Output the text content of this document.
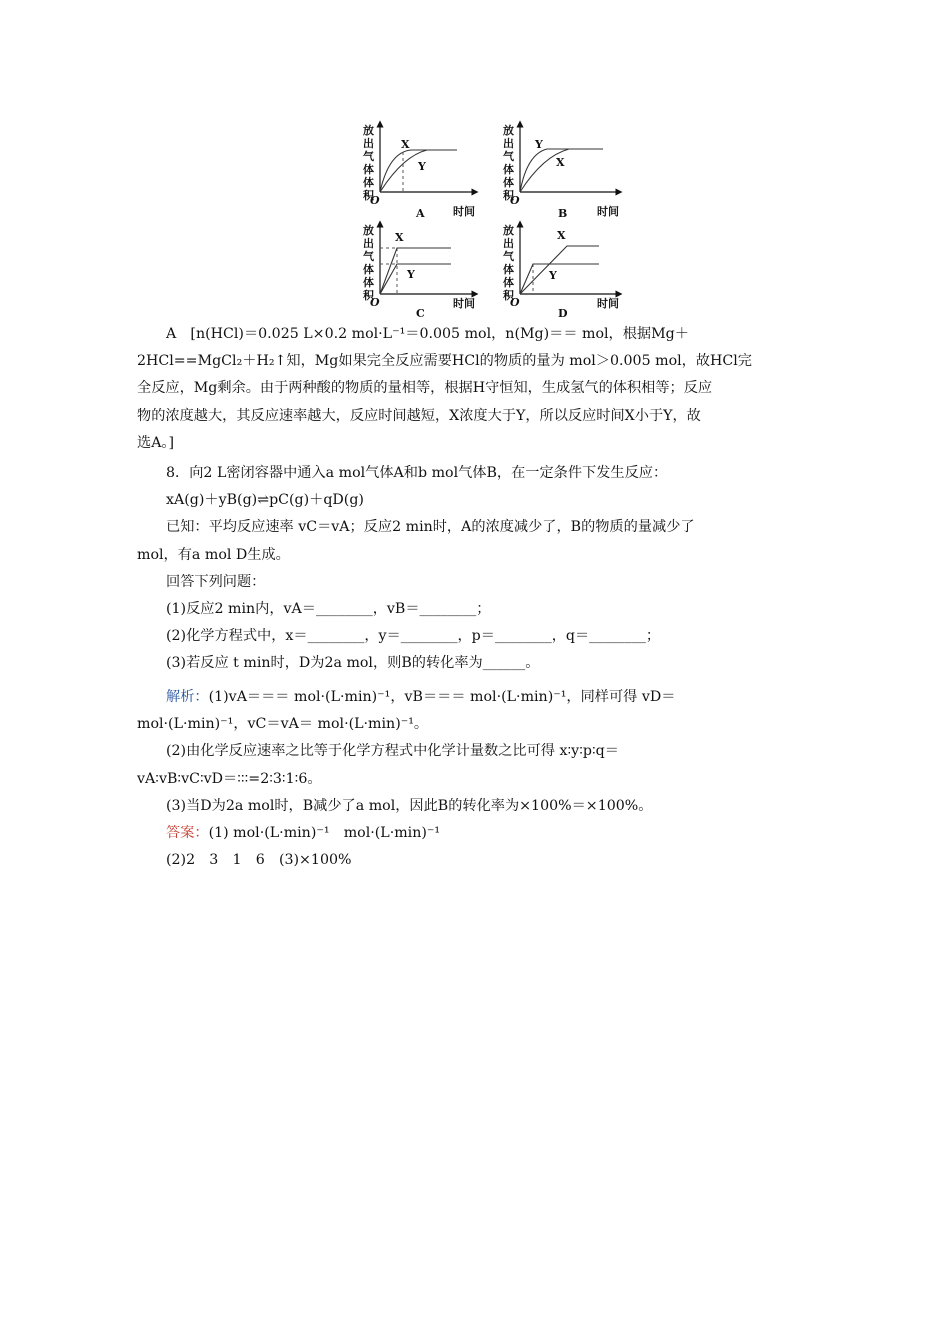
放
出
气
体
体
积
O
时间
A
X
Y
放
出
气
体
体
积
O
时间
B
Y
X
放
出
气
体
体
积
O	时间
C
X
Y
放
出
气
体
体
积
O	时间
D
X
Y
A　[n(HCl)＝0.025 L×0.2 mol·L⁻¹＝0.005 mol，n(Mg)＝＝ mol，根据Mg＋
2HCl==MgCl₂＋H₂↑知，Mg如果完全反应需要HCl的物质的量为 mol＞0.005 mol，故HCl完
全反应，Mg剩余。由于两种酸的物质的量相等，根据H守恒知，生成氢气的体积相等；反应
物的浓度越大，其反应速率越大，反应时间越短，X浓度大于Y，所以反应时间X小于Y，故
选A。]
8．向2 L密闭容器中通入a mol气体A和b mol气体B，在一定条件下发生反应：
xA(g)＋yB(g)⇌pC(g)＋qD(g)
已知：平均反应速率 vC＝vA；反应2 min时，A的浓度减少了，B的物质的量减少了
mol，有a mol D生成。
回答下列问题：
(1)反应2 min内，vA＝________，vB＝________；
(2)化学方程式中，x＝________，y＝________，p＝________，q＝________；
(3)若反应 t min时，D为2a mol，则B的转化率为______。
解析：(1)vA＝＝＝ mol·(L·min)⁻¹，vB＝＝＝ mol·(L·min)⁻¹，同样可得 vD＝
mol·(L·min)⁻¹，vC＝vA＝ mol·(L·min)⁻¹。
(2)由化学反应速率之比等于化学方程式中化学计量数之比可得 x∶y∶p∶q＝
vA∶vB∶vC∶vD＝∶∶∶=2∶3∶1∶6。
(3)当D为2a mol时，B减少了a mol，因此B的转化率为×100%＝×100%。
答案：(1) mol·(L·min)⁻¹　mol·(L·min)⁻¹
(2)2　3　1　6　(3)×100%
